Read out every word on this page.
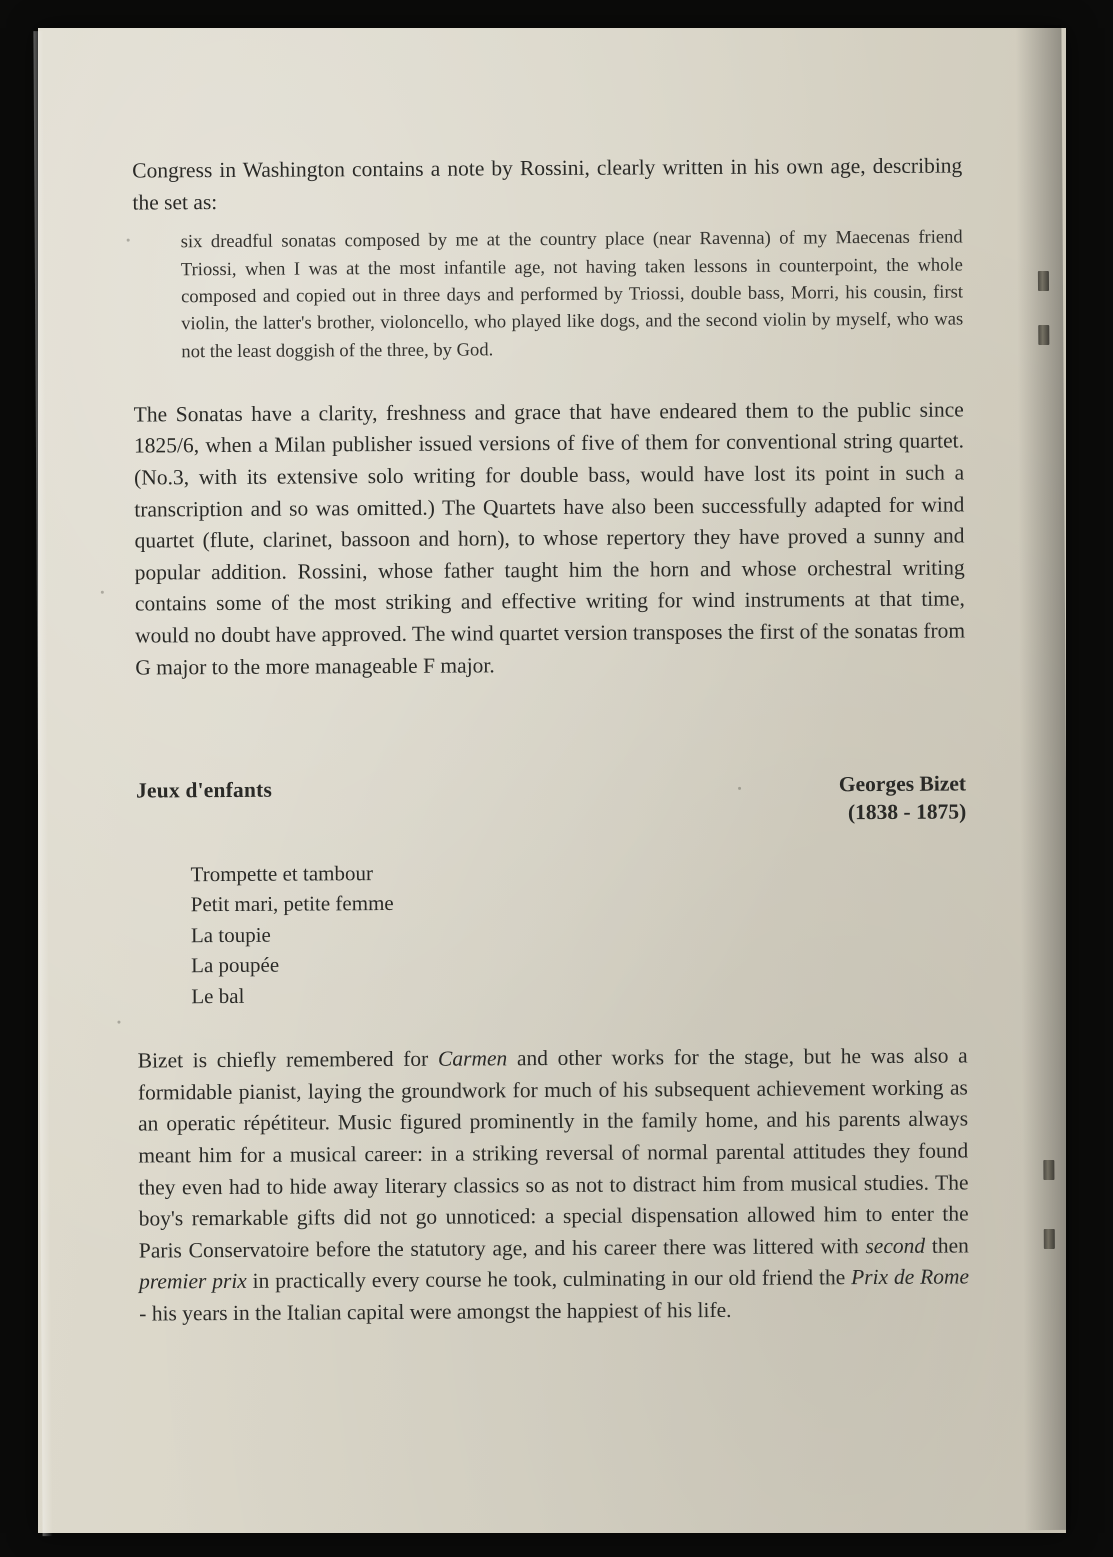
Congress in Washington contains a note by Rossini, clearly written in his own age, describing the set as:

six dreadful sonatas composed by me at the country place (near Ravenna) of my Maecenas friend Triossi, when I was at the most infantile age, not having taken lessons in counterpoint, the whole composed and copied out in three days and performed by Triossi, double bass, Morri, his cousin, first violin, the latter's brother, violoncello, who played like dogs, and the second violin by myself, who was not the least doggish of the three, by God.

The Sonatas have a clarity, freshness and grace that have endeared them to the public since 1825/6, when a Milan publisher issued versions of five of them for conventional string quartet. (No.3, with its extensive solo writing for double bass, would have lost its point in such a transcription and so was omitted.) The Quartets have also been successfully adapted for wind quartet (flute, clarinet, bassoon and horn), to whose repertory they have proved a sunny and popular addition. Rossini, whose father taught him the horn and whose orchestral writing contains some of the most striking and effective writing for wind instruments at that time, would no doubt have approved. The wind quartet version transposes the first of the sonatas from G major to the more manageable F major.

Jeux d'enfants	Georges Bizet
(1838 - 1875)
Trompette et tambour
Petit mari, petite femme
La toupie
La poupée
Le bal

Bizet is chiefly remembered for Carmen and other works for the stage, but he was also a formidable pianist, laying the groundwork for much of his subsequent achievement working as an operatic répétiteur. Music figured prominently in the family home, and his parents always meant him for a musical career: in a striking reversal of normal parental attitudes they found they even had to hide away literary classics so as not to distract him from musical studies. The boy's remarkable gifts did not go unnoticed: a special dispensation allowed him to enter the Paris Conservatoire before the statutory age, and his career there was littered with second then premier prix in practically every course he took, culminating in our old friend the Prix de Rome - his years in the Italian capital were amongst the happiest of his life.
